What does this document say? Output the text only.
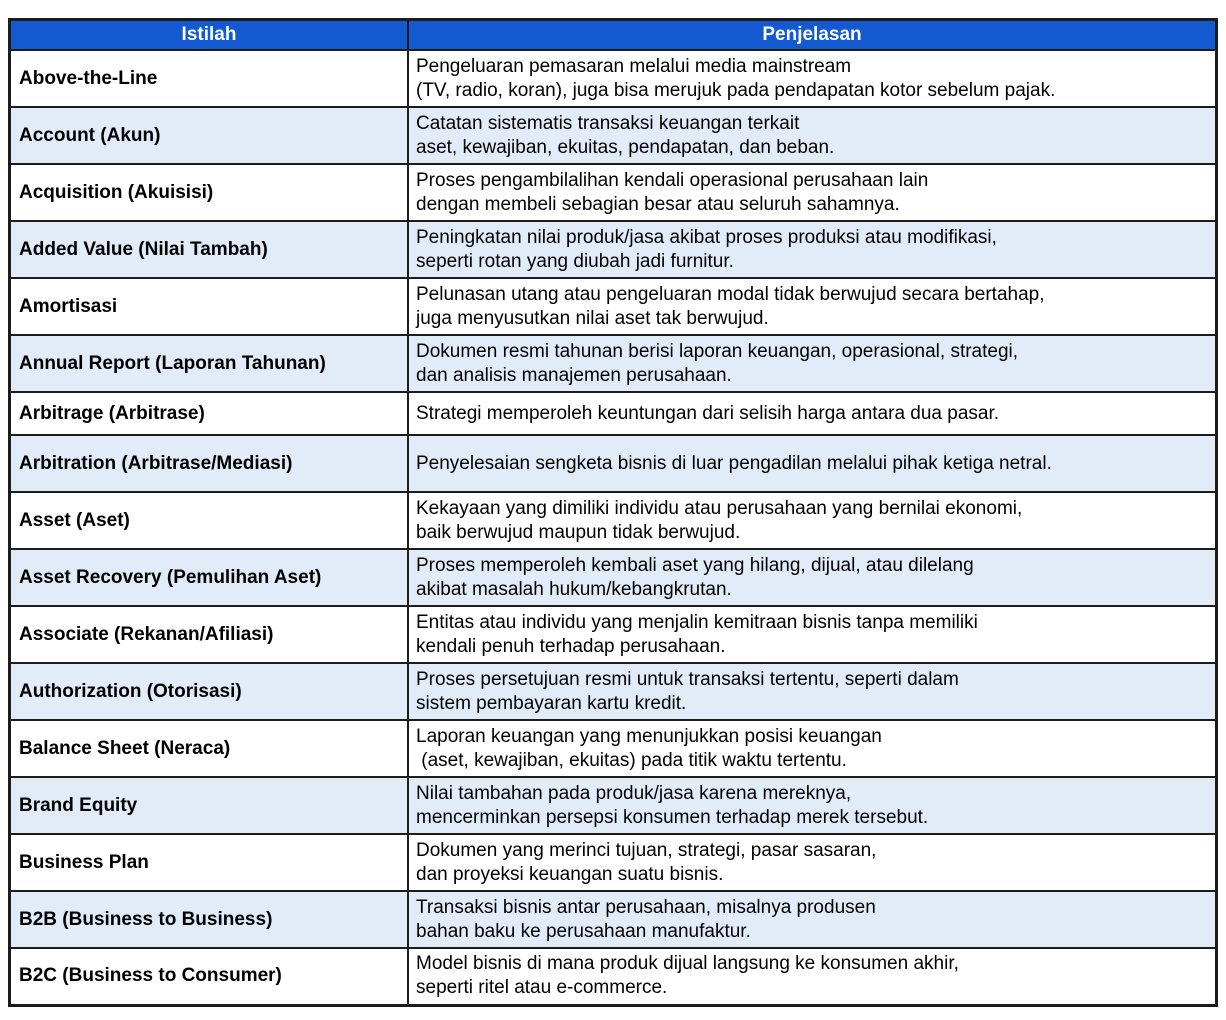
Istilah	Penjelasan
Above-the-Line	Pengeluaran pemasaran melalui media mainstream
(TV, radio, koran), juga bisa merujuk pada pendapatan kotor sebelum pajak.

Account (Akun)	Catatan sistematis transaksi keuangan terkait
aset, kewajiban, ekuitas, pendapatan, dan beban.

Acquisition (Akuisisi)	Proses pengambilalihan kendali operasional perusahaan lain
dengan membeli sebagian besar atau seluruh sahamnya.

Added Value (Nilai Tambah)	Peningkatan nilai produk/jasa akibat proses produksi atau modifikasi,
seperti rotan yang diubah jadi furnitur.

Amortisasi	Pelunasan utang atau pengeluaran modal tidak berwujud secara bertahap,
juga menyusutkan nilai aset tak berwujud.

Annual Report (Laporan Tahunan)	Dokumen resmi tahunan berisi laporan keuangan, operasional, strategi,
dan analisis manajemen perusahaan.

Arbitrage (Arbitrase)	Strategi memperoleh keuntungan dari selisih harga antara dua pasar.

Arbitration (Arbitrase/Mediasi)	Penyelesaian sengketa bisnis di luar pengadilan melalui pihak ketiga netral.

Asset (Aset)	Kekayaan yang dimiliki individu atau perusahaan yang bernilai ekonomi,
baik berwujud maupun tidak berwujud.

Asset Recovery (Pemulihan Aset)	Proses memperoleh kembali aset yang hilang, dijual, atau dilelang
akibat masalah hukum/kebangkrutan.

Associate (Rekanan/Afiliasi)	Entitas atau individu yang menjalin kemitraan bisnis tanpa memiliki
kendali penuh terhadap perusahaan.

Authorization (Otorisasi)	Proses persetujuan resmi untuk transaksi tertentu, seperti dalam
sistem pembayaran kartu kredit.

Balance Sheet (Neraca)	Laporan keuangan yang menunjukkan posisi keuangan
(aset, kewajiban, ekuitas) pada titik waktu tertentu.

Brand Equity	Nilai tambahan pada produk/jasa karena mereknya,
mencerminkan persepsi konsumen terhadap merek tersebut.

Business Plan	Dokumen yang merinci tujuan, strategi, pasar sasaran,
dan proyeksi keuangan suatu bisnis.

B2B (Business to Business)	Transaksi bisnis antar perusahaan, misalnya produsen
bahan baku ke perusahaan manufaktur.

B2C (Business to Consumer)	Model bisnis di mana produk dijual langsung ke konsumen akhir,
seperti ritel atau e-commerce.
